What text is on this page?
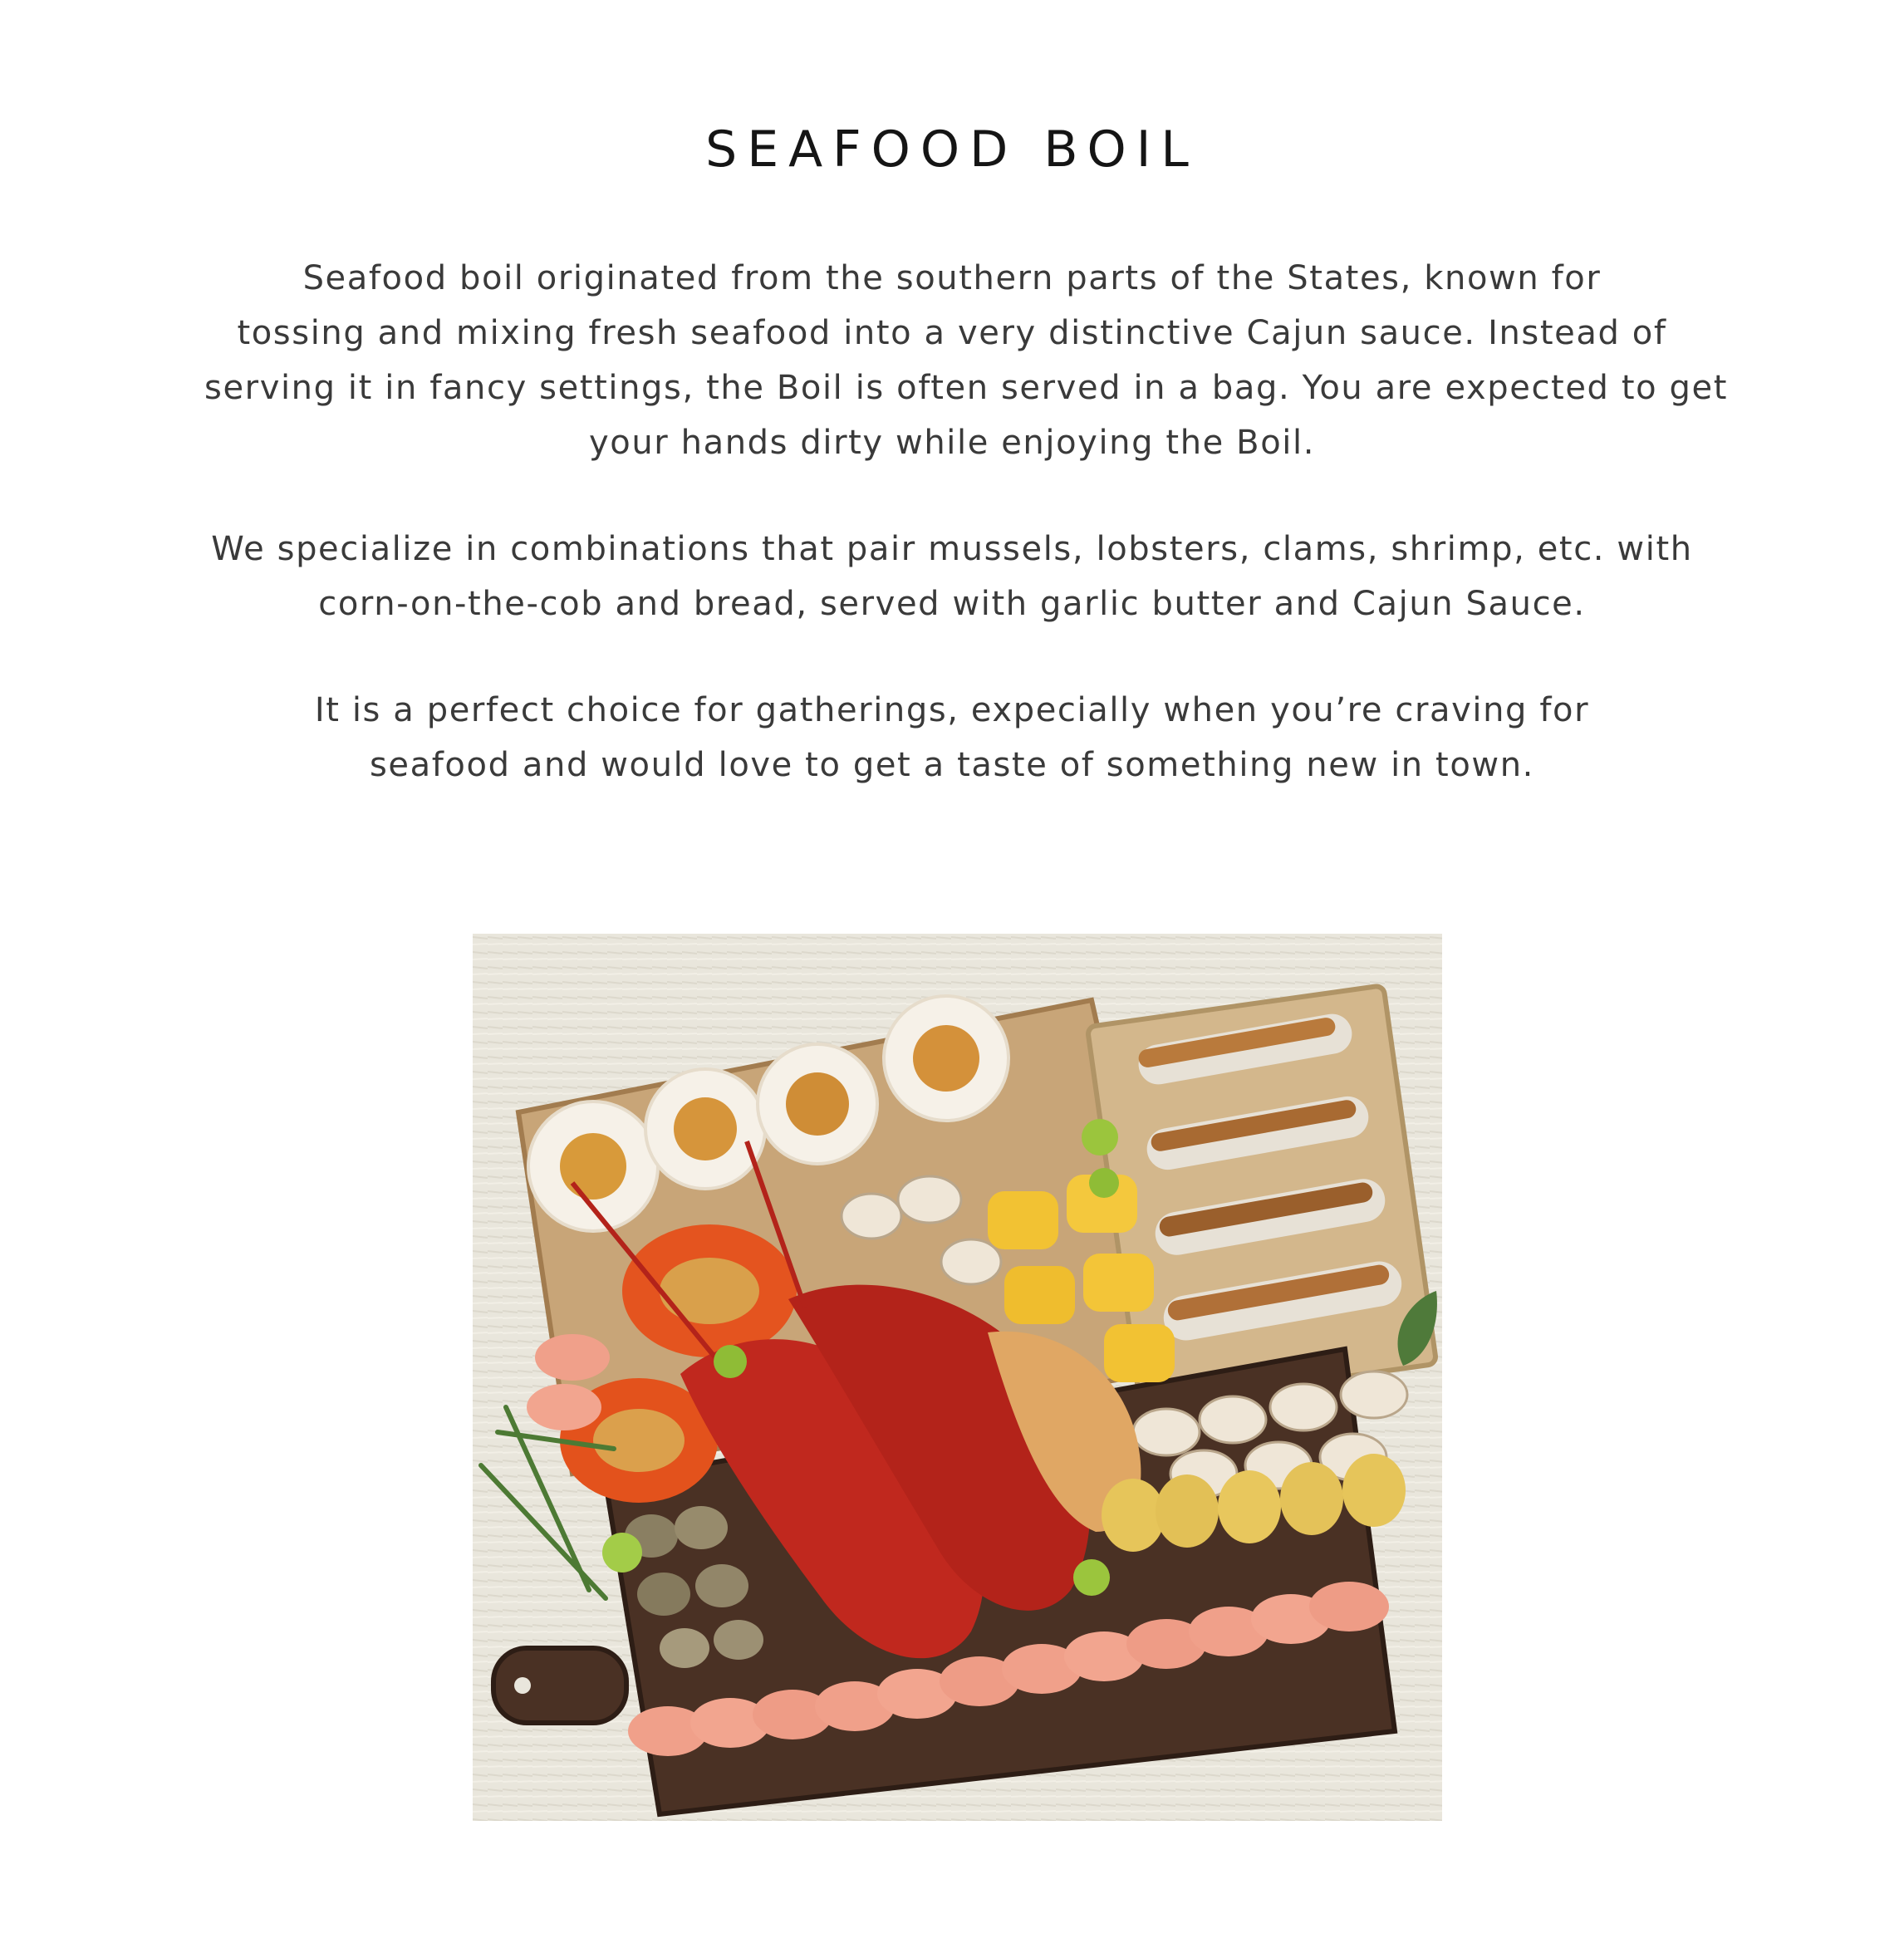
SEAFOOD BOIL
Seafood boil originated from the southern parts of the States, known for
tossing and mixing fresh seafood into a very distinctive Cajun sauce. Instead of
serving it in fancy settings, the Boil is often served in a bag. You are expected to get
your hands dirty while enjoying the Boil.
We specialize in combinations that pair mussels, lobsters, clams, shrimp, etc. with
corn-on-the-cob and bread, served with garlic butter and Cajun Sauce.
It is a perfect choice for gatherings, expecially when you’re craving for
seafood and would love to get a taste of something new in town.
